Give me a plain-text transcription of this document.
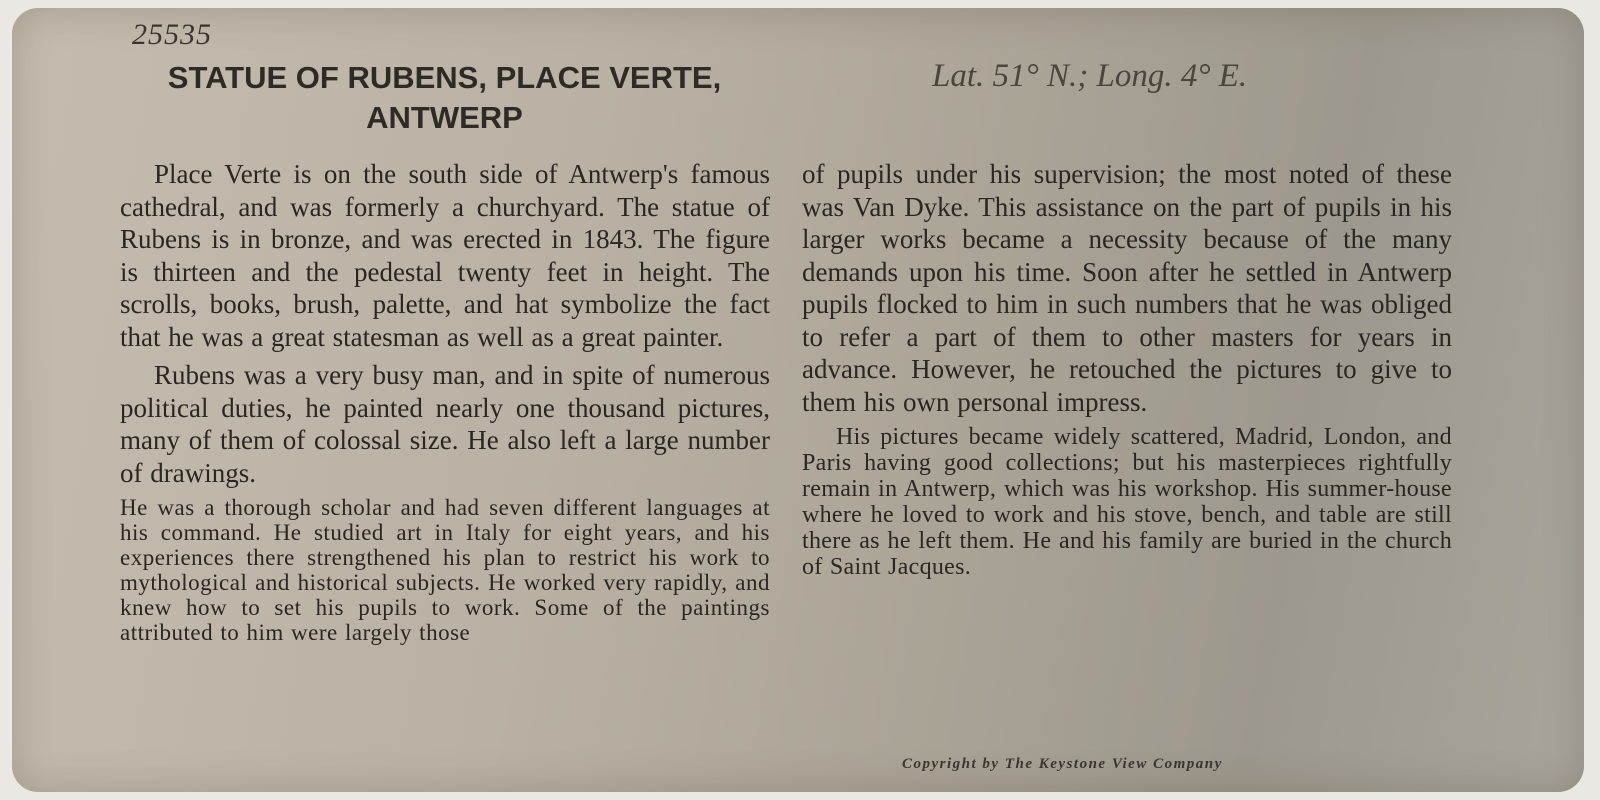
25535
STATUE OF RUBENS, PLACE VERTE, ANTWERP
Lat. 51° N.; Long. 4° E.

Place Verte is on the south side of Antwerp's famous cathedral, and was formerly a churchyard. The statue of Rubens is in bronze, and was erected in 1843. The figure is thirteen and the pedestal twenty feet in height. The scrolls, books, brush, palette, and hat symbolize the fact that he was a great statesman as well as a great painter.

Rubens was a very busy man, and in spite of numerous political duties, he painted nearly one thousand pictures, many of them of colossal size. He also left a large number of drawings.

He was a thorough scholar and had seven different languages at his command. He studied art in Italy for eight years, and his experiences there strengthened his plan to restrict his work to mythological and historical subjects. He worked very rapidly, and knew how to set his pupils to work. Some of the paintings attributed to him were largely those

of pupils under his supervision; the most noted of these was Van Dyke. This assistance on the part of pupils in his larger works became a necessity because of the many demands upon his time. Soon after he settled in Antwerp pupils flocked to him in such numbers that he was obliged to refer a part of them to other masters for years in advance. However, he retouched the pictures to give to them his own personal impress.

His pictures became widely scattered, Madrid, London, and Paris having good collections; but his masterpieces rightfully remain in Antwerp, which was his workshop. His summer-house where he loved to work and his stove, bench, and table are still there as he left them. He and his family are buried in the church of Saint Jacques.

Copyright by The Keystone View Company
